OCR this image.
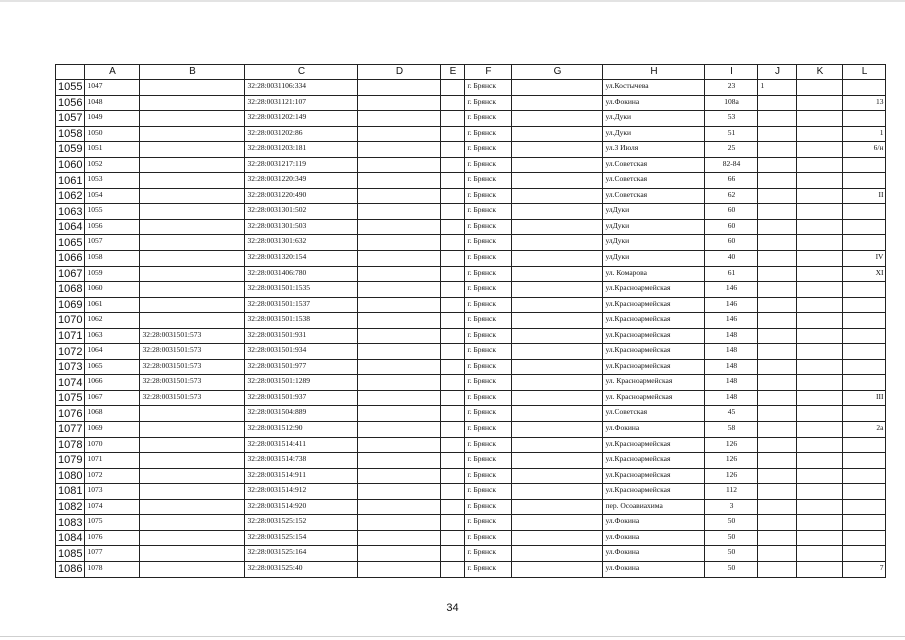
	A	B	C	D	E	F	G	H	I	J	K	L
1055	1047		32:28:0031106:334			г. Брянск		ул.Костычева	23	1		
1056	1048		32:28:0031121:107			г. Брянск		ул.Фокина	108а			13
1057	1049		32:28:0031202:149			г. Брянск		ул.Дуки	53			
1058	1050		32:28:0031202:86			г. Брянск		ул.Дуки	51			1
1059	1051		32:28:0031203:181			г. Брянск		ул.3 Июля	25			6/н
1060	1052		32:28:0031217:119			г. Брянск		ул.Советская	82-84			
1061	1053		32:28:0031220:349			г. Брянск		ул.Советская	66			
1062	1054		32:28:0031220:490			г. Брянск		ул.Советская	62			II
1063	1055		32:28:0031301:502			г. Брянск		улДуки	60			
1064	1056		32:28:0031301:503			г. Брянск		улДуки	60			
1065	1057		32:28:0031301:632			г. Брянск		улДуки	60			
1066	1058		32:28:0031320:154			г. Брянск		улДуки	40			IV
1067	1059		32:28:0031406:780			г. Брянск		ул. Комарова	61			XI
1068	1060		32:28:0031501:1535			г. Брянск		ул.Красноармейская	146			
1069	1061		32:28:0031501:1537			г. Брянск		ул.Красноармейская	146			
1070	1062		32:28:0031501:1538			г. Брянск		ул.Красноармейская	146			
1071	1063	32:28:0031501:573	32:28:0031501:931			г. Брянск		ул.Красноармейская	148			
1072	1064	32:28:0031501:573	32:28:0031501:934			г. Брянск		ул.Красноармейская	148			
1073	1065	32:28:0031501:573	32:28:0031501:977			г. Брянск		ул.Красноармейская	148			
1074	1066	32:28:0031501:573	32:28:0031501:1289			г. Брянск		ул. Красноармейская	148			
1075	1067	32:28:0031501:573	32:28:0031501:937			г. Брянск		ул. Красноармейская	148			III
1076	1068		32:28:0031504:889			г. Брянск		ул.Советская	45			
1077	1069		32:28:0031512:90			г. Брянск		ул.Фокина	58			2а
1078	1070		32:28:0031514:411			г. Брянск		ул.Красноармейская	126			
1079	1071		32:28:0031514:738			г. Брянск		ул.Красноармейская	126			
1080	1072		32:28:0031514:911			г. Брянск		ул.Красноармейская	126			
1081	1073		32:28:0031514:912			г. Брянск		ул.Красноармейская	112			
1082	1074		32:28:0031514:920			г. Брянск		пер. Осоавиахима	3			
1083	1075		32:28:0031525:152			г. Брянск		ул.Фокина	50			
1084	1076		32:28:0031525:154			г. Брянск		ул.Фокина	50			
1085	1077		32:28:0031525:164			г. Брянск		ул.Фокина	50			
1086	1078		32:28:0031525:40			г. Брянск		ул.Фокина	50			7
34
